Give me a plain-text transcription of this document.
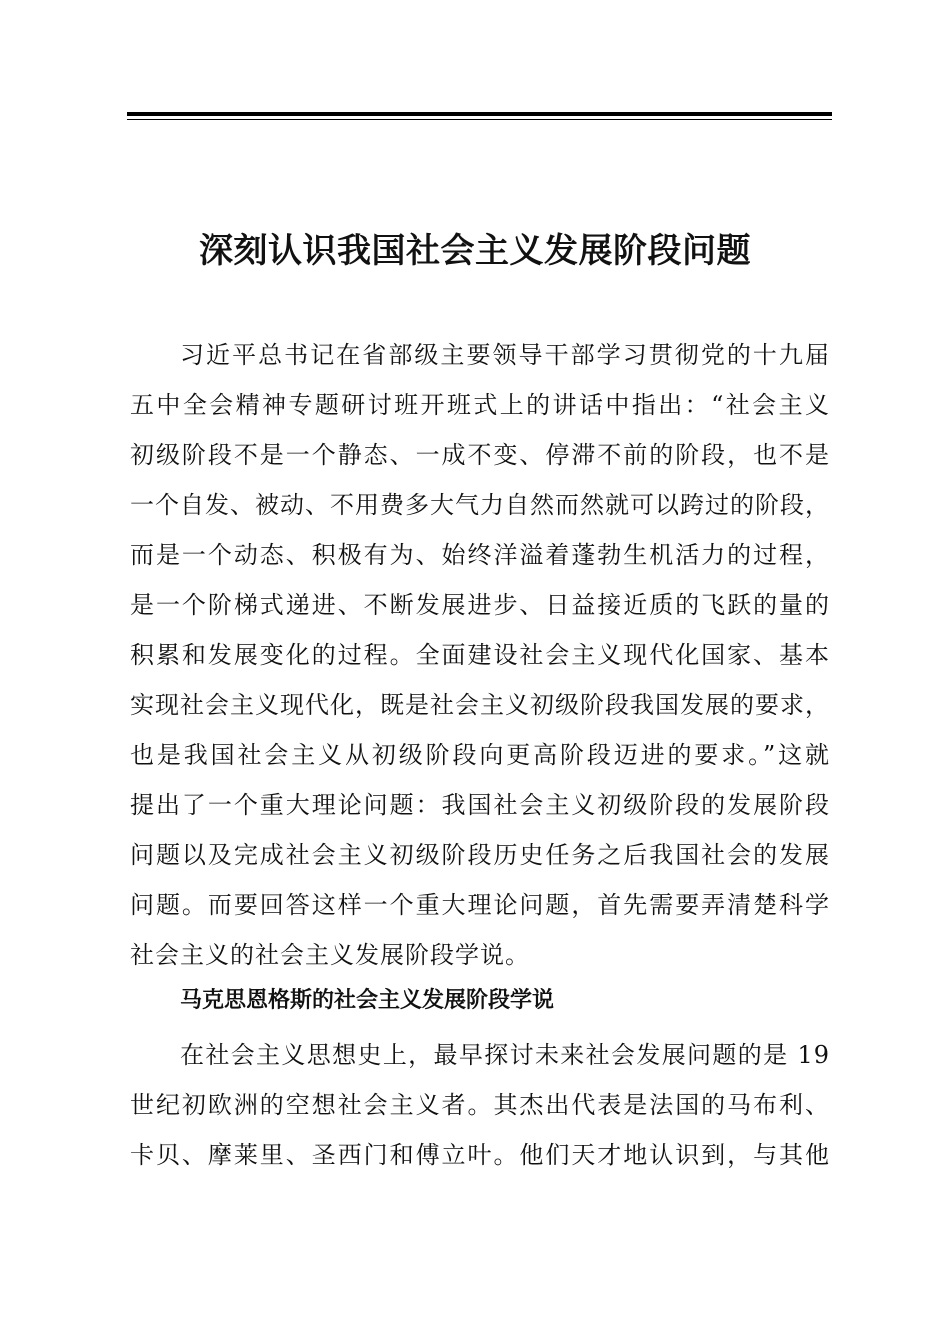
深刻认识我国社会主义发展阶段问题
习近平总书记在省部级主要领导干部学习贯彻党的十九届
五中全会精神专题研讨班开班式上的讲话中指出：“社会主义
初级阶段不是一个静态、一成不变、停滞不前的阶段，也不是
一个自发、被动、不用费多大气力自然而然就可以跨过的阶段，
而是一个动态、积极有为、始终洋溢着蓬勃生机活力的过程，
是一个阶梯式递进、不断发展进步、日益接近质的飞跃的量的
积累和发展变化的过程。全面建设社会主义现代化国家、基本
实现社会主义现代化，既是社会主义初级阶段我国发展的要求，
也是我国社会主义从初级阶段向更高阶段迈进的要求。”这就
提出了一个重大理论问题：我国社会主义初级阶段的发展阶段
问题以及完成社会主义初级阶段历史任务之后我国社会的发展
问题。而要回答这样一个重大理论问题，首先需要弄清楚科学
社会主义的社会主义发展阶段学说。
马克思恩格斯的社会主义发展阶段学说
在社会主义思想史上，最早探讨未来社会发展问题的是 19
世纪初欧洲的空想社会主义者。其杰出代表是法国的马布利、
卡贝、摩莱里、圣西门和傅立叶。他们天才地认识到，与其他
